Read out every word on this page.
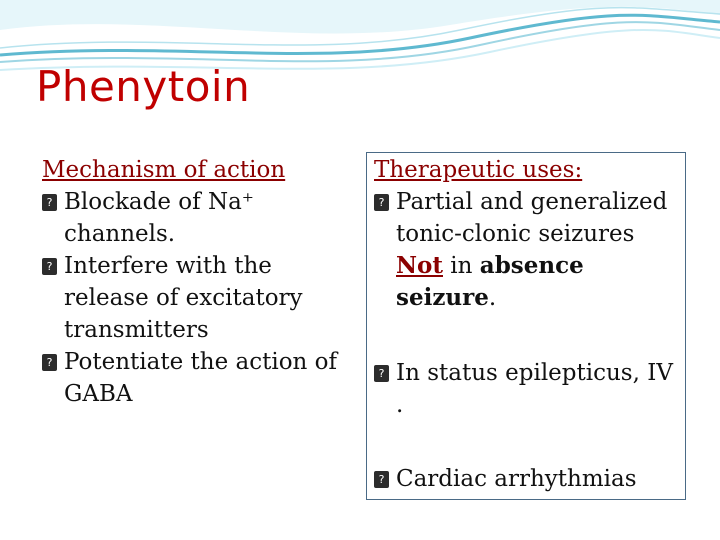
Phenytoin
Mechanism of action
? Blockade of Na⁺ channels.
? Interfere with the release of excitatory transmitters
? Potentiate the action of GABA
Therapeutic uses:
? Partial and generalized tonic-clonic seizures Not in absence seizure.
? In status epilepticus, IV .
? Cardiac arrhythmias
